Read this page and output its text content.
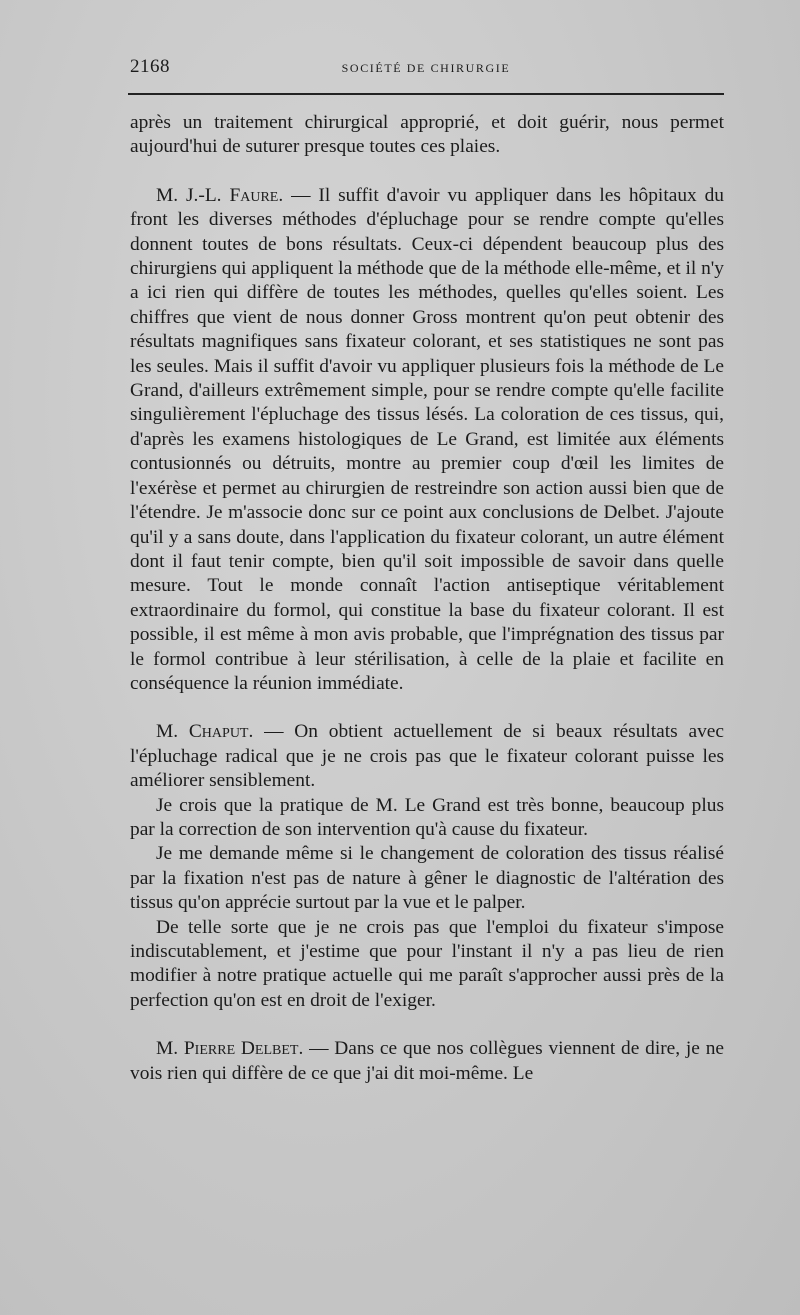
2168	SOCIÉTÉ DE CHIRURGIE

après un traitement chirurgical approprié, et doit guérir, nous permet aujourd'hui de suturer presque toutes ces plaies.

M. J.-L. Faure. — Il suffit d'avoir vu appliquer dans les hôpitaux du front les diverses méthodes d'épluchage pour se rendre compte qu'elles donnent toutes de bons résultats. Ceux-ci dépendent beaucoup plus des chirurgiens qui appliquent la méthode que de la méthode elle-même, et il n'y a ici rien qui diffère de toutes les méthodes, quelles qu'elles soient. Les chiffres que vient de nous donner Gross montrent qu'on peut obtenir des résultats magnifiques sans fixateur colorant, et ses statistiques ne sont pas les seules. Mais il suffit d'avoir vu appliquer plusieurs fois la méthode de Le Grand, d'ailleurs extrêmement simple, pour se rendre compte qu'elle facilite singulièrement l'épluchage des tissus lésés. La coloration de ces tissus, qui, d'après les examens histologiques de Le Grand, est limitée aux éléments contusionnés ou détruits, montre au premier coup d'œil les limites de l'exérèse et permet au chirurgien de restreindre son action aussi bien que de l'étendre. Je m'associe donc sur ce point aux conclusions de Delbet. J'ajoute qu'il y a sans doute, dans l'application du fixateur colorant, un autre élément dont il faut tenir compte, bien qu'il soit impossible de savoir dans quelle mesure. Tout le monde connaît l'action antiseptique véritablement extraordinaire du formol, qui constitue la base du fixateur colorant. Il est possible, il est même à mon avis probable, que l'imprégnation des tissus par le formol contribue à leur stérilisation, à celle de la plaie et facilite en conséquence la réunion immédiate.

M. Chaput. — On obtient actuellement de si beaux résultats avec l'épluchage radical que je ne crois pas que le fixateur colorant puisse les améliorer sensiblement.

Je crois que la pratique de M. Le Grand est très bonne, beaucoup plus par la correction de son intervention qu'à cause du fixateur.

Je me demande même si le changement de coloration des tissus réalisé par la fixation n'est pas de nature à gêner le diagnostic de l'altération des tissus qu'on apprécie surtout par la vue et le palper.

De telle sorte que je ne crois pas que l'emploi du fixateur s'impose indiscutablement, et j'estime que pour l'instant il n'y a pas lieu de rien modifier à notre pratique actuelle qui me paraît s'approcher aussi près de la perfection qu'on est en droit de l'exiger.

M. Pierre Delbet. — Dans ce que nos collègues viennent de dire, je ne vois rien qui diffère de ce que j'ai dit moi-même. Le
